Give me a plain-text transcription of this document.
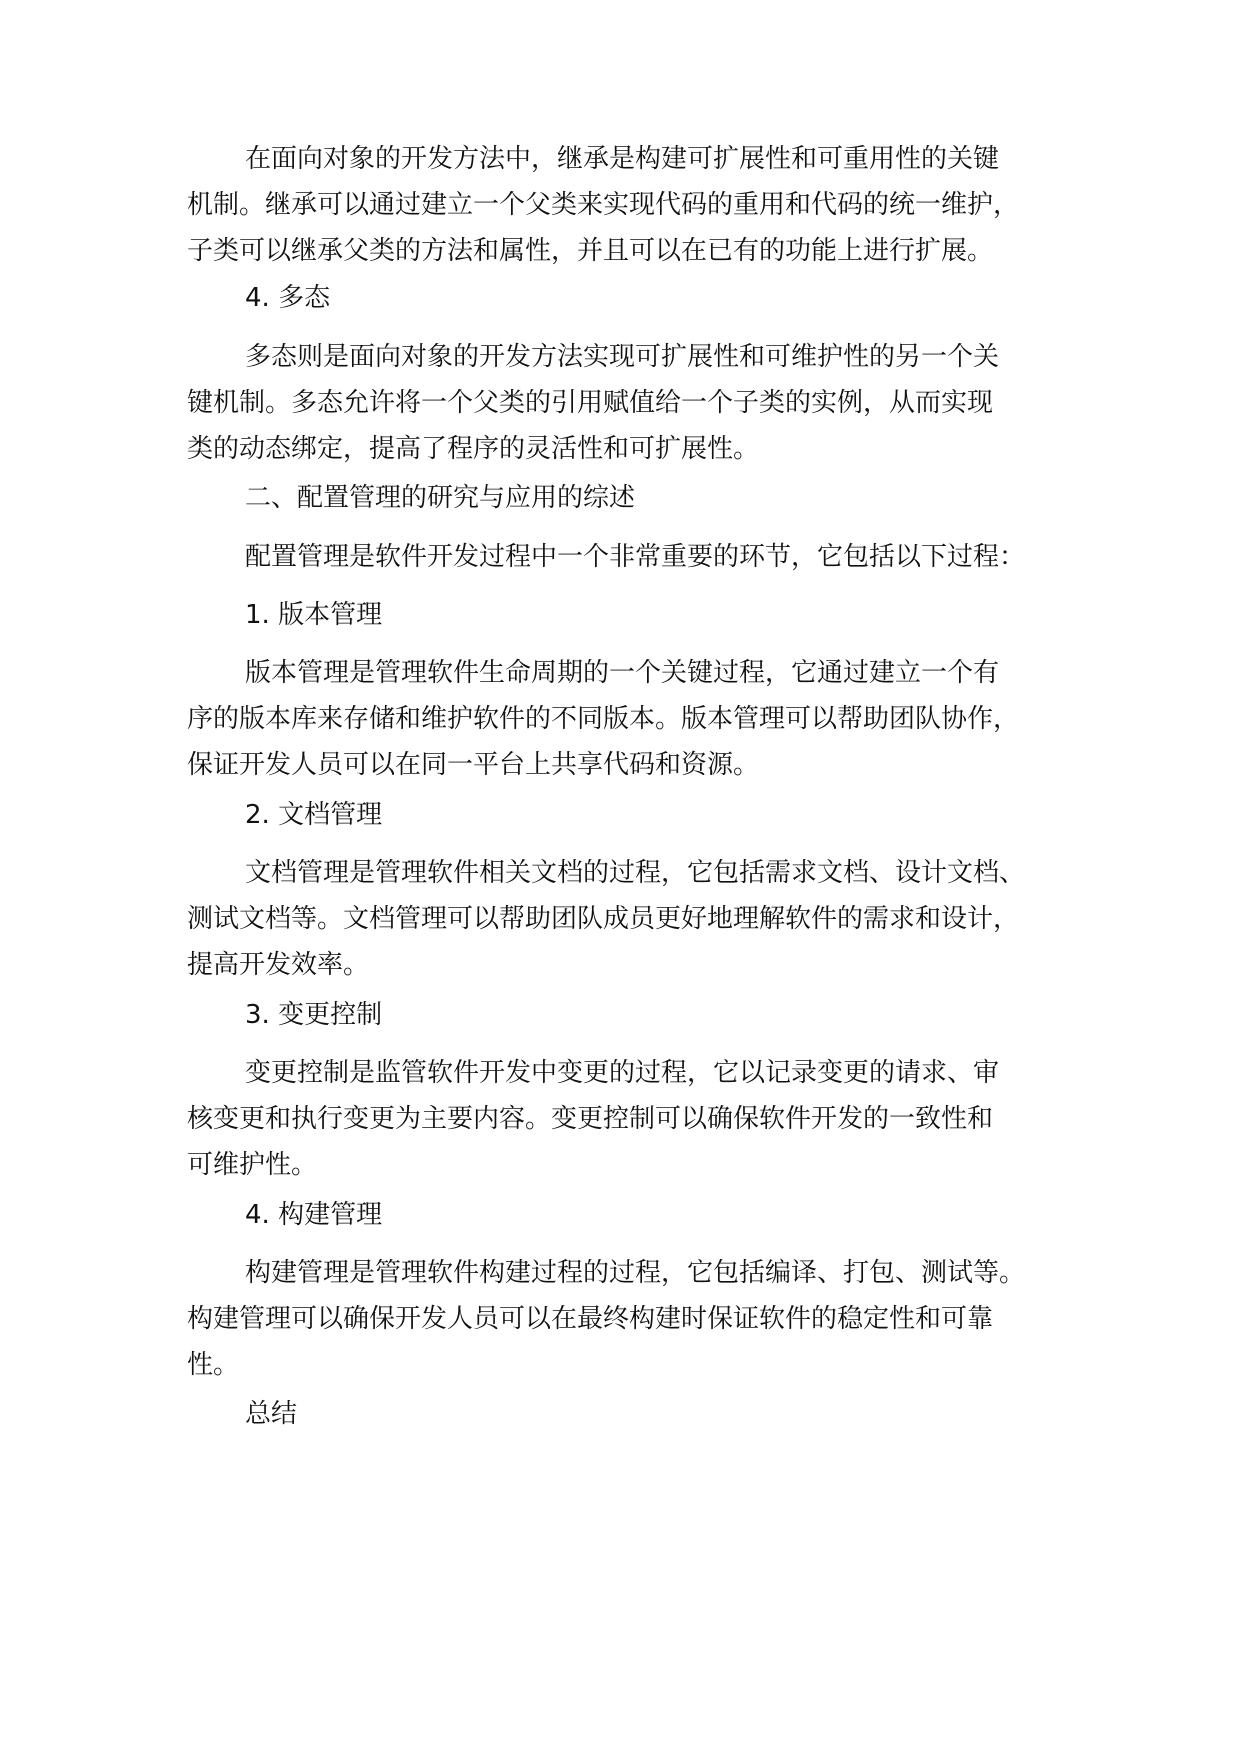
在面向对象的开发方法中，继承是构建可扩展性和可重用性的关键
机制。继承可以通过建立一个父类来实现代码的重用和代码的统一维护，
子类可以继承父类的方法和属性，并且可以在已有的功能上进行扩展。
4. 多态
多态则是面向对象的开发方法实现可扩展性和可维护性的另一个关
键机制。多态允许将一个父类的引用赋值给一个子类的实例，从而实现
类的动态绑定，提高了程序的灵活性和可扩展性。
二、配置管理的研究与应用的综述
配置管理是软件开发过程中一个非常重要的环节，它包括以下过程：
1. 版本管理
版本管理是管理软件生命周期的一个关键过程，它通过建立一个有
序的版本库来存储和维护软件的不同版本。版本管理可以帮助团队协作，
保证开发人员可以在同一平台上共享代码和资源。
2. 文档管理
文档管理是管理软件相关文档的过程，它包括需求文档、设计文档、
测试文档等。文档管理可以帮助团队成员更好地理解软件的需求和设计，
提高开发效率。
3. 变更控制
变更控制是监管软件开发中变更的过程，它以记录变更的请求、审
核变更和执行变更为主要内容。变更控制可以确保软件开发的一致性和
可维护性。
4. 构建管理
构建管理是管理软件构建过程的过程，它包括编译、打包、测试等。
构建管理可以确保开发人员可以在最终构建时保证软件的稳定性和可靠
性。
总结
